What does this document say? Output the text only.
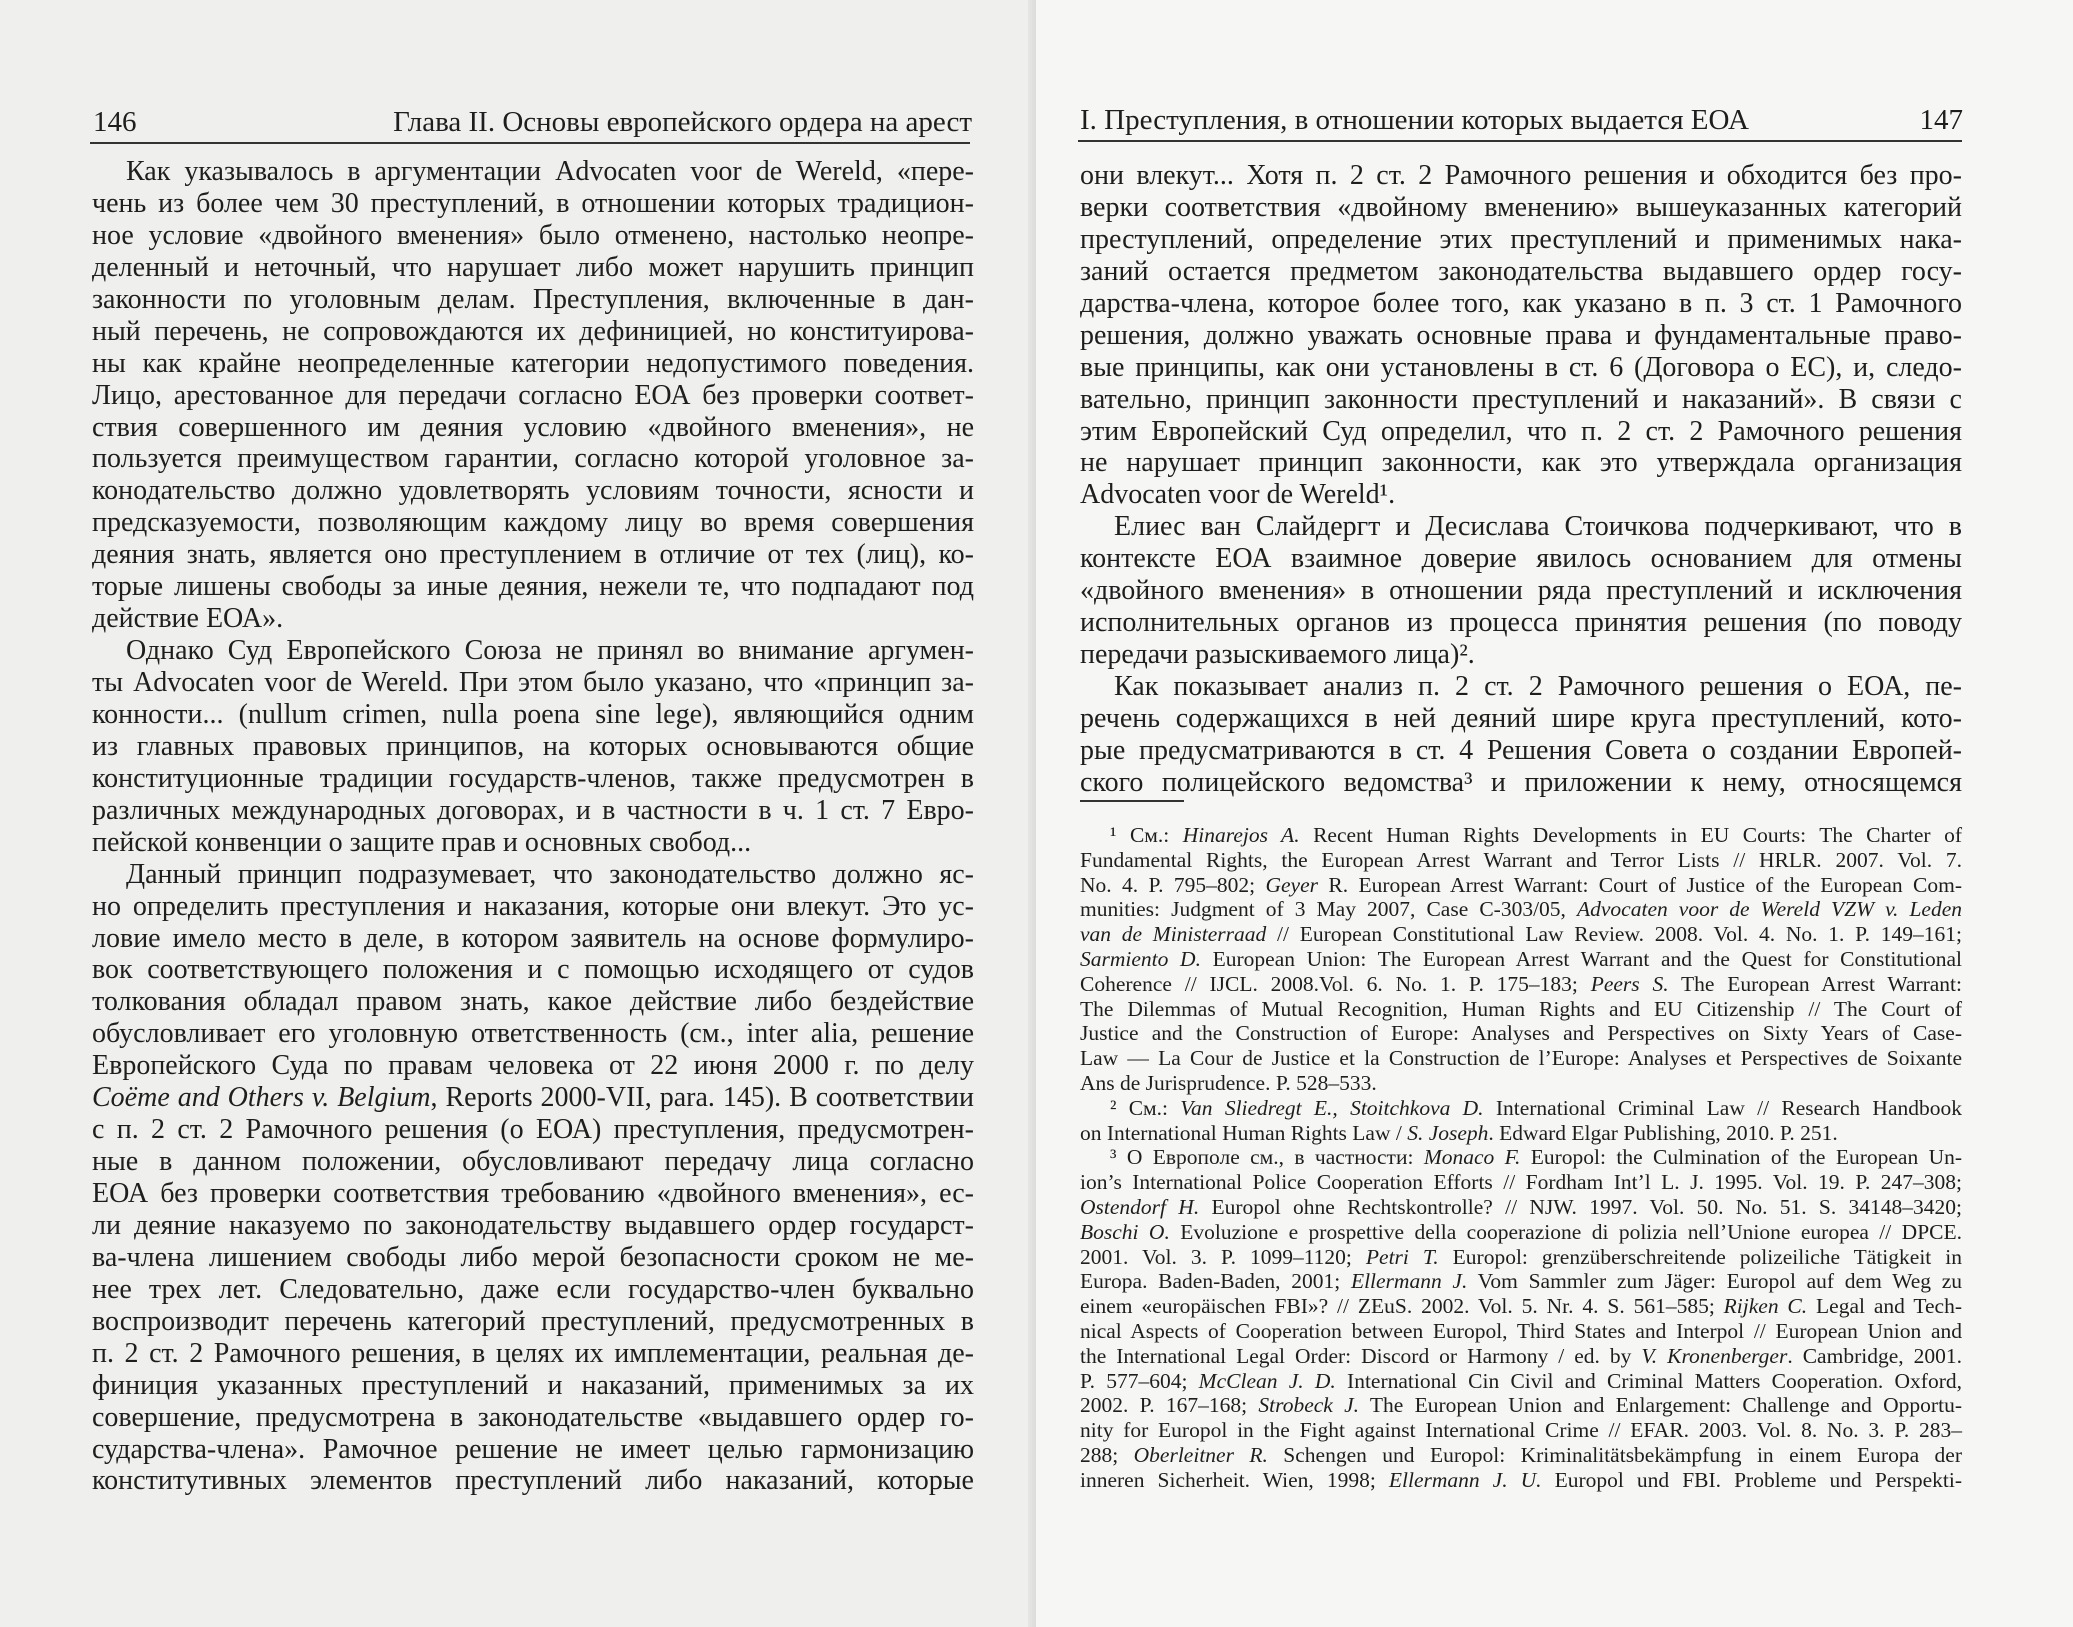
146	Глава II. Основы европейского ордера на арест
Как указывалось в аргументации Advocaten voor de Wereld, «пере-
чень из более чем 30 преступлений, в отношении которых традицион-
ное условие «двойного вменения» было отменено, настолько неопре-
деленный и неточный, что нарушает либо может нарушить принцип
законности по уголовным делам. Преступления, включенные в дан-
ный перечень, не сопровождаются их дефиницией, но конституирова-
ны как крайне неопределенные категории недопустимого поведения.
Лицо, арестованное для передачи согласно ЕОА без проверки соответ-
ствия совершенного им деяния условию «двойного вменения», не
пользуется преимуществом гарантии, согласно которой уголовное за-
конодательство должно удовлетворять условиям точности, ясности и
предсказуемости, позволяющим каждому лицу во время совершения
деяния знать, является оно преступлением в отличие от тех (лиц), ко-
торые лишены свободы за иные деяния, нежели те, что подпадают под
действие ЕОА».
Однако Суд Европейского Союза не принял во внимание аргумен-
ты Advocaten voor de Wereld. При этом было указано, что «принцип за-
конности... (nullum crimen, nulla poena sine lege), являющийся одним
из главных правовых принципов, на которых основываются общие
конституционные традиции государств-членов, также предусмотрен в
различных международных договорах, и в частности в ч. 1 ст. 7 Евро-
пейской конвенции о защите прав и основных свобод...
Данный принцип подразумевает, что законодательство должно яс-
но определить преступления и наказания, которые они влекут. Это ус-
ловие имело место в деле, в котором заявитель на основе формулиро-
вок соответствующего положения и с помощью исходящего от судов
толкования обладал правом знать, какое действие либо бездействие
обусловливает его уголовную ответственность (см., inter alia, решение
Европейского Суда по правам человека от 22 июня 2000 г. по делу
Coëme and Others v. Belgium, Reports 2000-VII, para. 145). В соответствии
с п. 2 ст. 2 Рамочного решения (о ЕОА) преступления, предусмотрен-
ные в данном положении, обусловливают передачу лица согласно
ЕОА без проверки соответствия требованию «двойного вменения», ес-
ли деяние наказуемо по законодательству выдавшего ордер государст-
ва-члена лишением свободы либо мерой безопасности сроком не ме-
нее трех лет. Следовательно, даже если государство-член буквально
воспроизводит перечень категорий преступлений, предусмотренных в
п. 2 ст. 2 Рамочного решения, в целях их имплементации, реальная де-
финиция указанных преступлений и наказаний, применимых за их
совершение, предусмотрена в законодательстве «выдавшего ордер го-
сударства-члена». Рамочное решение не имеет целью гармонизацию
конститутивных элементов преступлений либо наказаний, которые
I. Преступления, в отношении которых выдается ЕОА	147
они влекут... Хотя п. 2 ст. 2 Рамочного решения и обходится без про-
верки соответствия «двойному вменению» вышеуказанных категорий
преступлений, определение этих преступлений и применимых нака-
заний остается предметом законодательства выдавшего ордер госу-
дарства-члена, которое более того, как указано в п. 3 ст. 1 Рамочного
решения, должно уважать основные права и фундаментальные право-
вые принципы, как они установлены в ст. 6 (Договора о ЕС), и, следо-
вательно, принцип законности преступлений и наказаний». В связи с
этим Европейский Суд определил, что п. 2 ст. 2 Рамочного решения
не нарушает принцип законности, как это утверждала организация
Advocaten voor de Wereld¹.
Елиес ван Слайдергт и Десислава Стоичкова подчеркивают, что в
контексте ЕОА взаимное доверие явилось основанием для отмены
«двойного вменения» в отношении ряда преступлений и исключения
исполнительных органов из процесса принятия решения (по поводу
передачи разыскиваемого лица)².
Как показывает анализ п. 2 ст. 2 Рамочного решения о ЕОА, пе-
речень содержащихся в ней деяний шире круга преступлений, кото-
рые предусматриваются в ст. 4 Решения Совета о создании Европей-
ского полицейского ведомства³ и приложении к нему, относящемся
¹ См.: Hinarejos A. Recent Human Rights Developments in EU Courts: The Charter of
Fundamental Rights, the European Arrest Warrant and Terror Lists // HRLR. 2007. Vol. 7.
No. 4. P. 795–802; Geyer R. European Arrest Warrant: Court of Justice of the European Com-
munities: Judgment of 3 May 2007, Case C-303/05, Advocaten voor de Wereld VZW v. Leden
van de Ministerraad // European Constitutional Law Review. 2008. Vol. 4. No. 1. P. 149–161;
Sarmiento D. European Union: The European Arrest Warrant and the Quest for Constitutional
Coherence // IJCL. 2008.Vol. 6. No. 1. P. 175–183; Peers S. The European Arrest Warrant:
The Dilemmas of Mutual Recognition, Human Rights and EU Citizenship // The Court of
Justice and the Construction of Europe: Analyses and Perspectives on Sixty Years of Case-
Law — La Cour de Justice et la Construction de l’Europe: Analyses et Perspectives de Soixante
Ans de Jurisprudence. P. 528–533.
² См.: Van Sliedregt E., Stoitchkova D. International Criminal Law // Research Handbook
on International Human Rights Law / S. Joseph. Edward Elgar Publishing, 2010. P. 251.
³ О Европоле см., в частности: Monaco F. Europol: the Culmination of the European Un-
ion’s International Police Cooperation Efforts // Fordham Int’l L. J. 1995. Vol. 19. P. 247–308;
Ostendorf H. Europol ohne Rechtskontrolle? // NJW. 1997. Vol. 50. No. 51. S. 34148–3420;
Boschi O. Evoluzione e prospettive della cooperazione di polizia nell’Unione europea // DPCE.
2001. Vol. 3. P. 1099–1120; Petri T. Europol: grenzüberschreitende polizeiliche Tätigkeit in
Europa. Baden-Baden, 2001; Ellermann J. Vom Sammler zum Jäger: Europol auf dem Weg zu
einem «europäischen FBI»? // ZEuS. 2002. Vol. 5. Nr. 4. S. 561–585; Rijken C. Legal and Tech-
nical Aspects of Cooperation between Europol, Third States and Interpol // European Union and
the International Legal Order: Discord or Harmony / ed. by V. Kronenberger. Cambridge, 2001.
P. 577–604; McClean J. D. International Cin Civil and Criminal Matters Cooperation. Oxford,
2002. P. 167–168; Strobeck J. The European Union and Enlargement: Challenge and Opportu-
nity for Europol in the Fight against International Crime // EFAR. 2003. Vol. 8. No. 3. P. 283–
288; Oberleitner R. Schengen und Europol: Kriminalitätsbekämpfung in einem Europa der
inneren Sicherheit. Wien, 1998; Ellermann J. U. Europol und FBI. Probleme und Perspekti-
